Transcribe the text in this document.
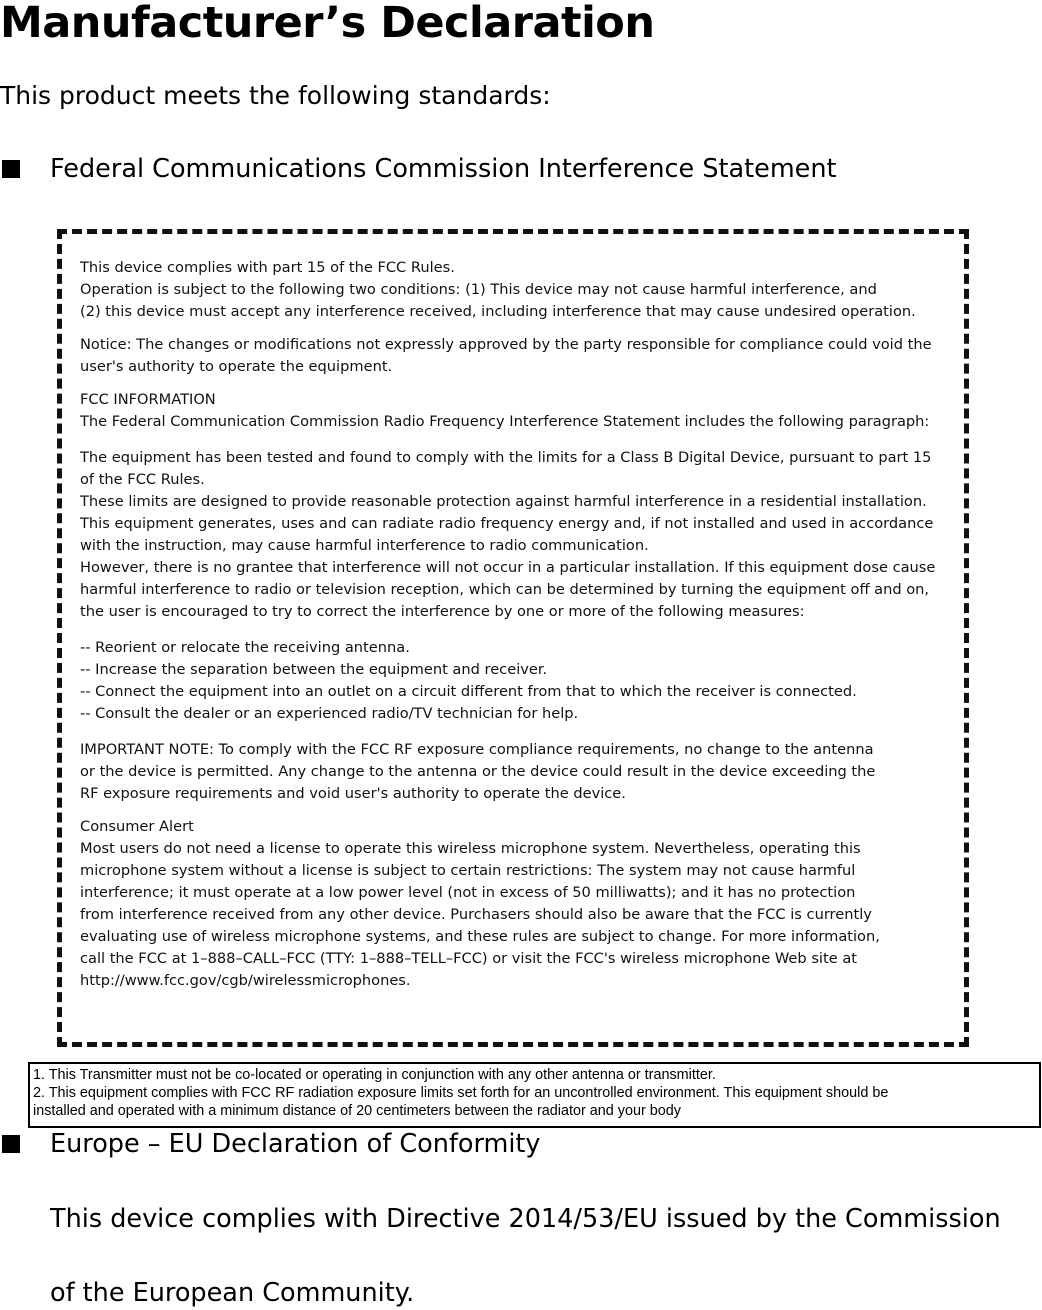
Manufacturer’s Declaration
This product meets the following standards:
Federal Communications Commission Interference Statement

This device complies with part 15 of the FCC Rules.

Operation is subject to the following two conditions: (1) This device may not cause harmful interference, and

(2) this device must accept any interference received, including interference that may cause undesired operation.

Notice: The changes or modifications not expressly approved by the party responsible for compliance could void the

user's authority to operate the equipment.

FCC INFORMATION

The Federal Communication Commission Radio Frequency Interference Statement includes the following paragraph:

The equipment has been tested and found to comply with the limits for a Class B Digital Device, pursuant to part 15

of the FCC Rules.

These limits are designed to provide reasonable protection against harmful interference in a residential installation.

This equipment generates, uses and can radiate radio frequency energy and, if not installed and used in accordance

with the instruction, may cause harmful interference to radio communication.

However, there is no grantee that interference will not occur in a particular installation. If this equipment dose cause

harmful interference to radio or television reception, which can be determined by turning the equipment off and on,

the user is encouraged to try to correct the interference by one or more of the following measures:

-- Reorient or relocate the receiving antenna.

-- Increase the separation between the equipment and receiver.

-- Connect the equipment into an outlet on a circuit different from that to which the receiver is connected.

-- Consult the dealer or an experienced radio/TV technician for help.

IMPORTANT NOTE: To comply with the FCC RF exposure compliance requirements, no change to the antenna

or the device is permitted. Any change to the antenna or the device could result in the device exceeding the

RF exposure requirements and void user's authority to operate the device.

Consumer Alert

Most users do not need a license to operate this wireless microphone system. Nevertheless, operating this

microphone system without a license is subject to certain restrictions: The system may not cause harmful

interference; it must operate at a low power level (not in excess of 50 milliwatts); and it has no protection

from interference received from any other device. Purchasers should also be aware that the FCC is currently

evaluating use of wireless microphone systems, and these rules are subject to change. For more information,

call the FCC at 1–888–CALL–FCC (TTY: 1–888–TELL–FCC) or visit the FCC's wireless microphone Web site at

http://www.fcc.gov/cgb/wirelessmicrophones.

1. This Transmitter must not be co-located or operating in conjunction with any other antenna or transmitter.

2. This equipment complies with FCC RF radiation exposure limits set forth for an uncontrolled environment. This equipment should be

installed and operated with a minimum distance of 20 centimeters between the radiator and your body

Europe – EU Declaration of Conformity
This device complies with Directive 2014/53/EU issued by the Commission
of the European Community.
